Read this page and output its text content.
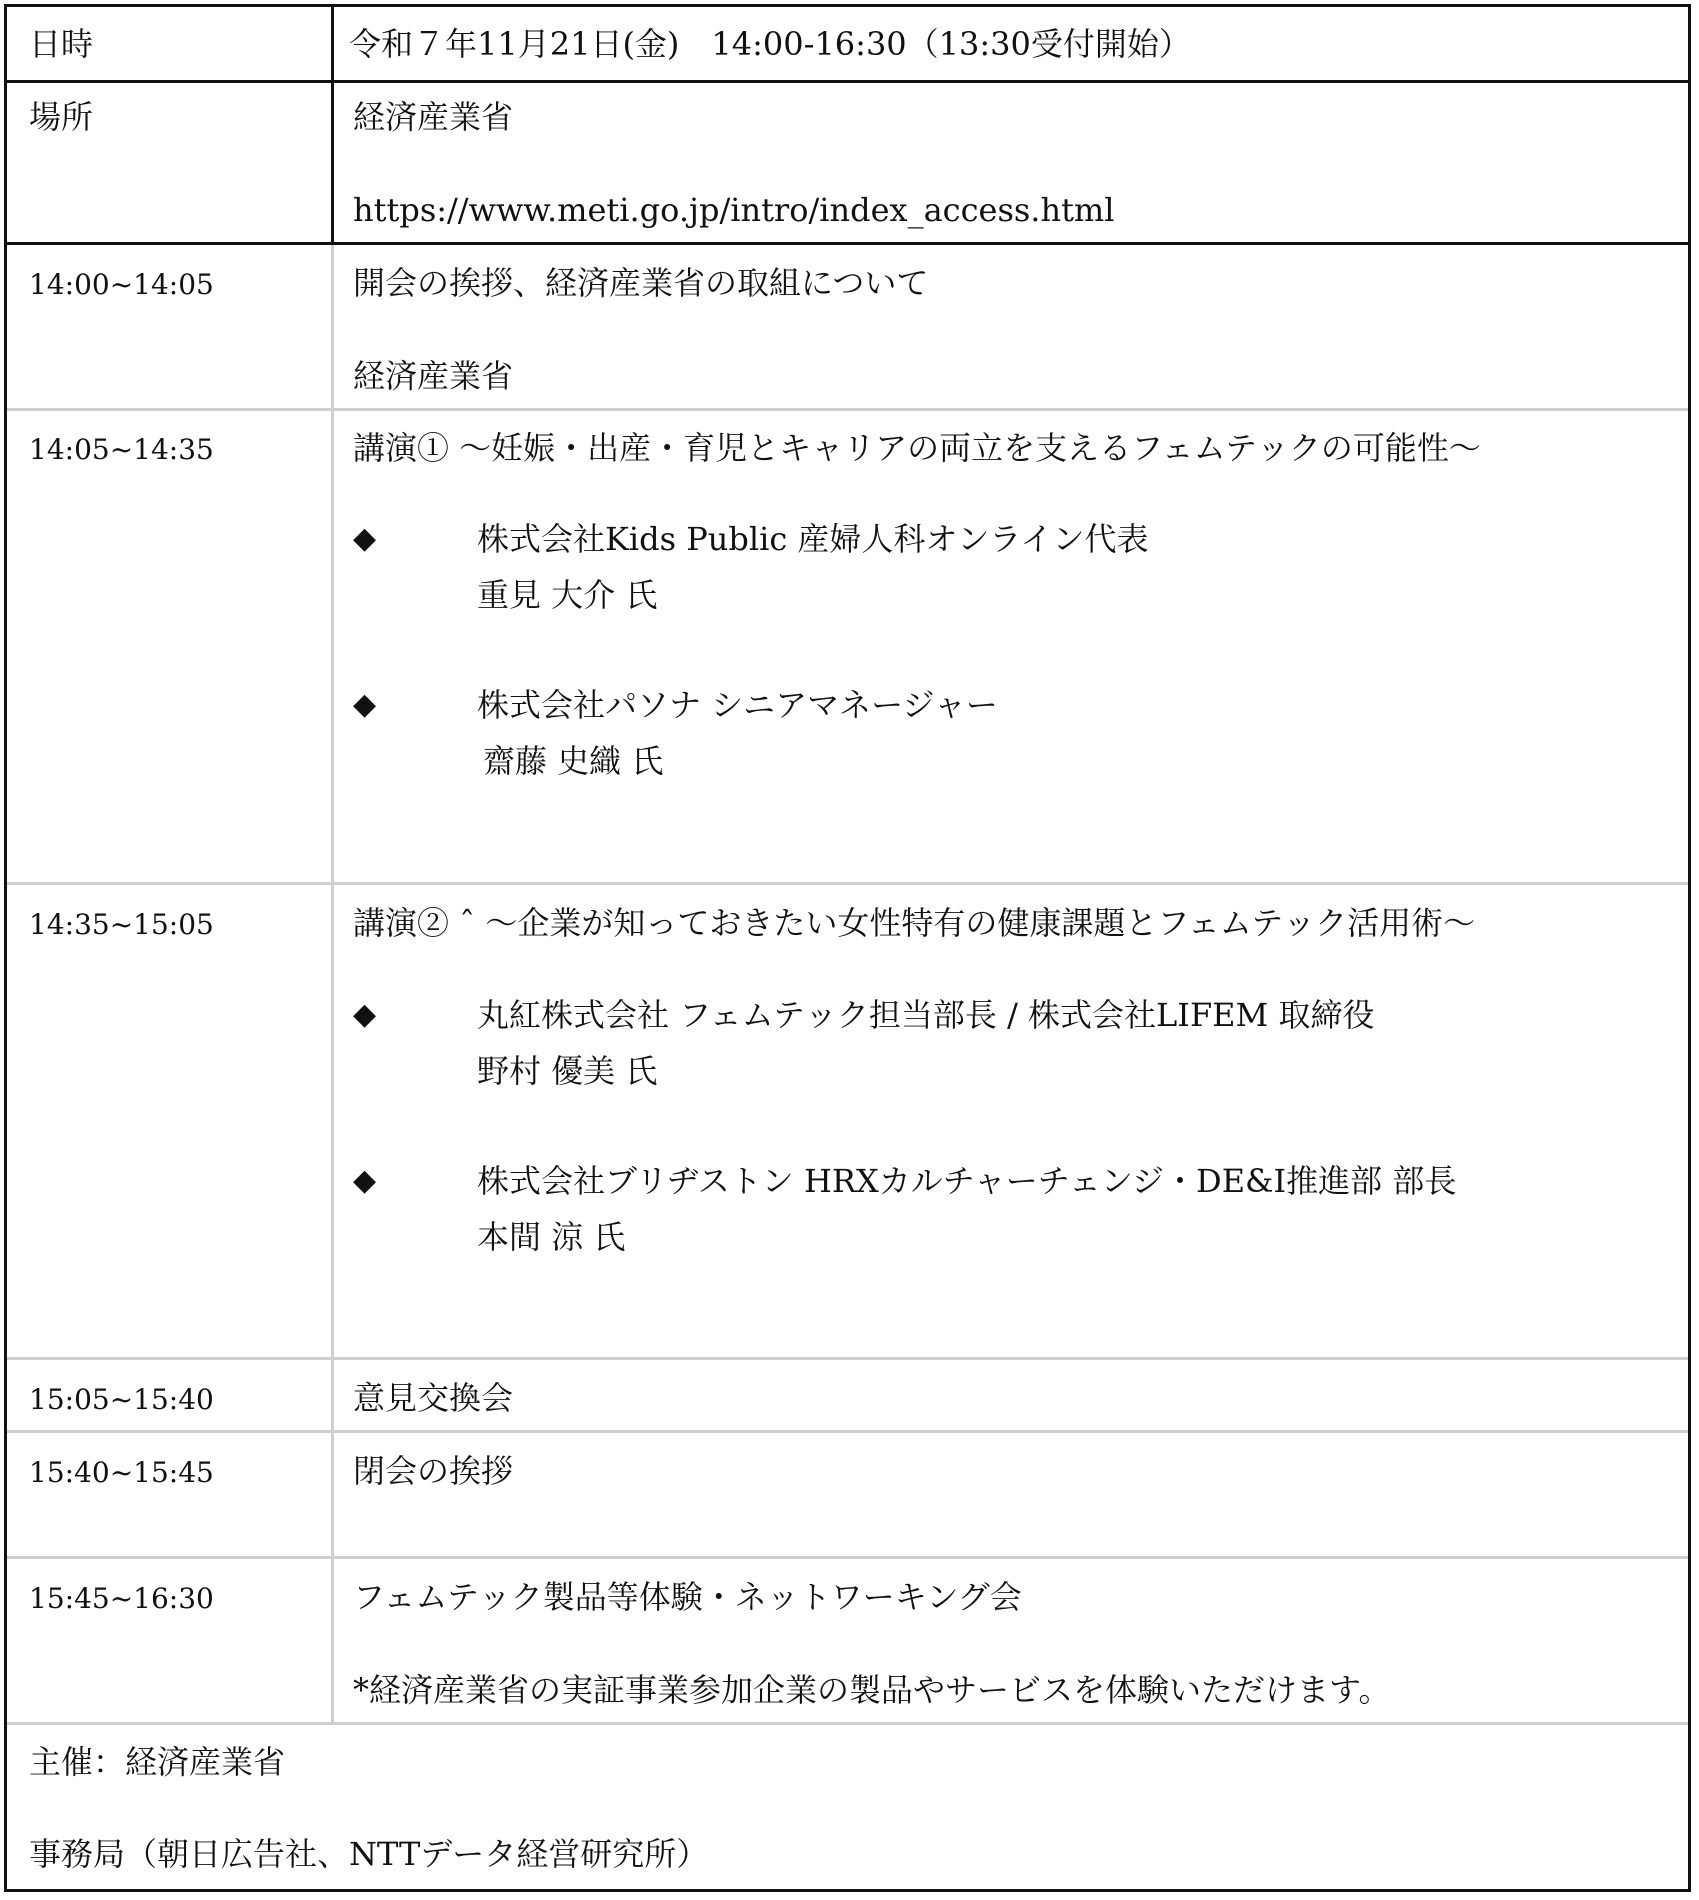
日時	令和７年11月21日(金)　14:00-16:30（13:30受付開始）
場所	経済産業省
https://www.meti.go.jp/intro/index_access.html
14:00~14:05	開会の挨拶、経済産業省の取組について
経済産業省
14:05~14:35	講演① 〜妊娠・出産・育児とキャリアの両立を支えるフェムテックの可能性〜
◆	株式会社Kids Public 産婦人科オンライン代表
重見 大介 氏
◆	株式会社パソナ シニアマネージャー
齋藤 史織 氏
14:35~15:05	講演② ˆ 〜企業が知っておきたい女性特有の健康課題とフェムテック活用術〜
◆	丸紅株式会社 フェムテック担当部長 / 株式会社LIFEM 取締役
野村 優美 氏
◆	株式会社ブリヂストン HRXカルチャーチェンジ・DE&I推進部 部長
本間 涼 氏
15:05~15:40	意見交換会
15:40~15:45	閉会の挨拶
15:45~16:30	フェムテック製品等体験・ネットワーキング会
*経済産業省の実証事業参加企業の製品やサービスを体験いただけます。
主催：経済産業省
事務局（朝日広告社、NTTデータ経営研究所）
